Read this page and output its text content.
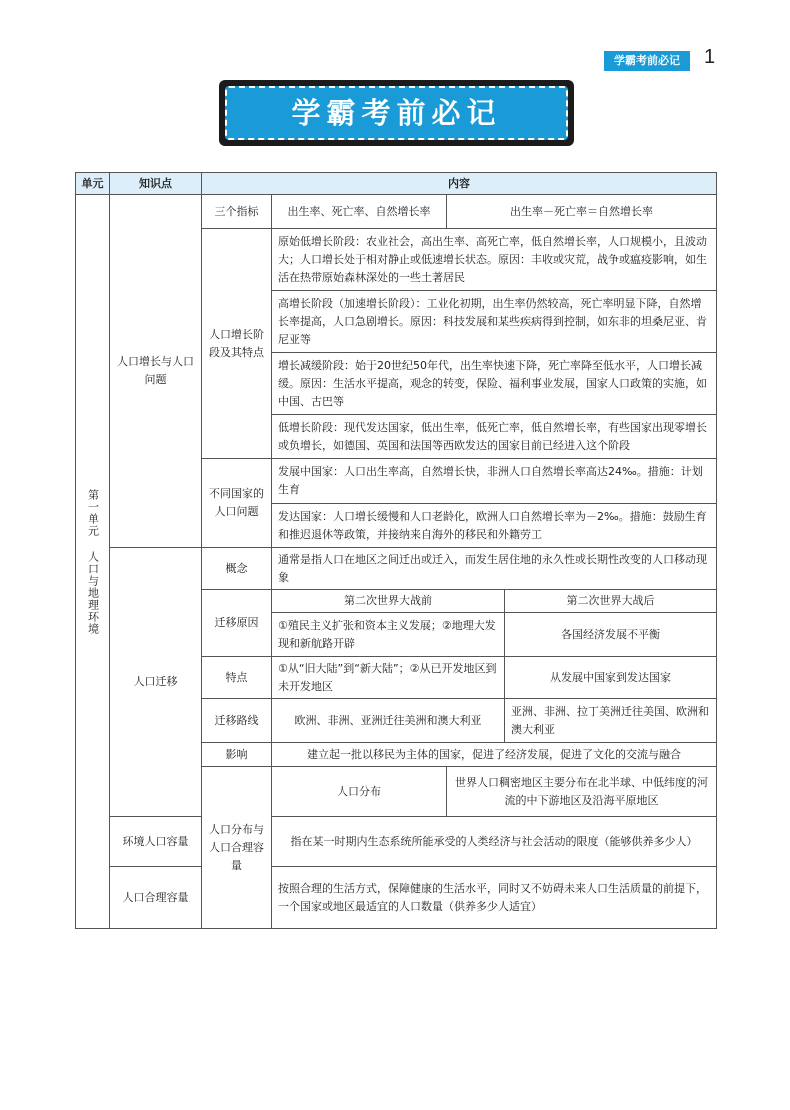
学霸考前必记	1
学霸考前必记
单元	知识点	内容			

第一单元 人口与地理环境	人口增长与人口问题	三个指标	出生率、死亡率、自然增长率	出生率－死亡率＝自然增长率	
		人口增长阶段及其特点	原始低增长阶段：农业社会，高出生率、高死亡率，低自然增长率，人口规模小，且波动大；人口增长处于相对静止或低速增长状态。原因：丰收或灾荒，战争或瘟疫影响，如生活在热带原始森林深处的一些土著居民		
			高增长阶段（加速增长阶段）：工业化初期，出生率仍然较高，死亡率明显下降，自然增长率提高，人口急剧增长。原因：科技发展和某些疾病得到控制，如东非的坦桑尼亚、肯尼亚等		
			增长减缓阶段：始于20世纪50年代，出生率快速下降，死亡率降至低水平，人口增长减缓。原因：生活水平提高，观念的转变，保险、福利事业发展，国家人口政策的实施，如中国、古巴等		
			低增长阶段：现代发达国家，低出生率，低死亡率，低自然增长率，有些国家出现零增长或负增长，如德国、英国和法国等西欧发达的国家目前已经进入这个阶段		
		不同国家的人口问题	发展中国家：人口出生率高，自然增长快，非洲人口自然增长率高达24‰。措施：计划生育		
			发达国家：人口增长缓慢和人口老龄化，欧洲人口自然增长率为－2‰。措施：鼓励生育和推迟退休等政策，并接纳来自海外的移民和外籍劳工		
	人口迁移	概念	通常是指人口在地区之间迁出或迁入，而发生居住地的永久性或长期性改变的人口移动现象		
		迁移原因	第二次世界大战前		第二次世界大战后
			①殖民主义扩张和资本主义发展；②地理大发现和新航路开辟		各国经济发展不平衡
		特点	①从“旧大陆”到“新大陆”；②从已开发地区到未开发地区		从发展中国家到发达国家
		迁移路线	欧洲、非洲、亚洲迁往美洲和澳大利亚		亚洲、非洲、拉丁美洲迁往美国、欧洲和澳大利亚
		影响	建立起一批以移民为主体的国家，促进了经济发展，促进了文化的交流与融合		
		人口分布与人口合理容量	人口分布	世界人口稠密地区主要分布在北半球、中低纬度的河流的中下游地区及沿海平原地区	
	环境人口容量		指在某一时期内生态系统所能承受的人类经济与社会活动的限度（能够供养多少人）		
	人口合理容量		按照合理的生活方式，保障健康的生活水平，同时又不妨碍未来人口生活质量的前提下，一个国家或地区最适宜的人口数量（供养多少人适宜）		
